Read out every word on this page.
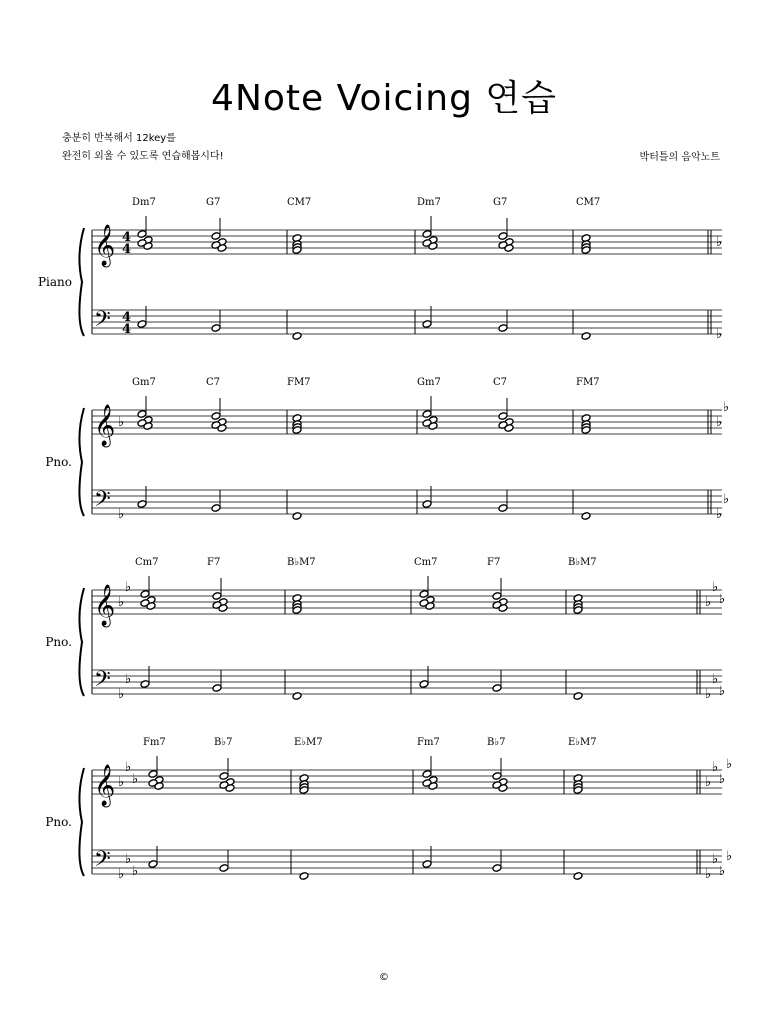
4Note Voicing 연습
충분히 반복해서 12key를
완전히 외울 수 있도록 연습해봅시다!	박터틀의 음악노트
Piano
𝄞
𝄢
4
4
4
4
Dm7	G7	CM7	Dm7	G7	CM7
♭
♭
Pno.
𝄞
𝄢
Gm7	C7	FM7	Gm7	C7	FM7
♭
♭
♭
♭
♭
♭
Pno.
𝄞
𝄢
Cm7	F7	B♭M7	Cm7	F7	B♭M7
♭
♭
♭
♭
♭
♭
♭
♭
♭
♭
Pno.
𝄞
𝄢
Fm7	B♭7	E♭M7	Fm7	B♭7	E♭M7
♭
♭
♭
♭
♭
♭
♭
♭
♭
♭
♭
♭
♭
♭
©
